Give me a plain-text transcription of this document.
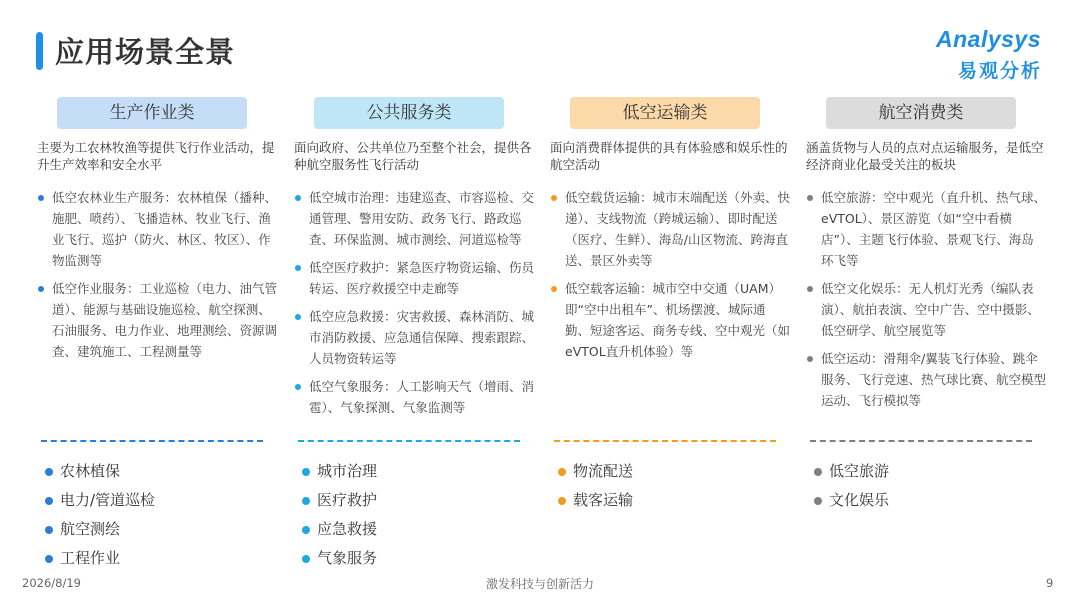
应用场景全景	Analysys
易观分析
生产作业类

主要为工农林牧渔等提供飞行作业活动，提升生产效率和安全水平

低空农林业生产服务：农林植保（播种、施肥、喷药）、飞播造林、牧业飞行、渔业飞行、巡护（防火、林区、牧区）、作物监测等
低空作业服务：工业巡检（电力、油气管道）、能源与基础设施巡检、航空探测、石油服务、电力作业、地理测绘、资源调查、建筑施工、工程测量等
农林植保
电力/管道巡检
航空测绘
工程作业
公共服务类

面向政府、公共单位乃至整个社会，提供各种航空服务性飞行活动

低空城市治理：违建巡查、市容巡检、交通管理、警用安防、政务飞行、路政巡查、环保监测、城市测绘、河道巡检等
低空医疗救护：紧急医疗物资运输、伤员转运、医疗救援空中走廊等
低空应急救援：灾害救援、森林消防、城市消防救援、应急通信保障、搜索跟踪、人员物资转运等
低空气象服务：人工影响天气（增雨、消雹）、气象探测、气象监测等
城市治理
医疗救护
应急救援
气象服务
低空运输类

面向消费群体提供的具有体验感和娱乐性的航空活动

低空载货运输：城市末端配送（外卖、快递）、支线物流（跨城运输）、即时配送（医疗、生鲜）、海岛/山区物流、跨海直送、景区外卖等
低空载客运输：城市空中交通（UAM）即“空中出租车”、机场摆渡、城际通勤、短途客运、商务专线、空中观光（如eVTOL直升机体验）等
物流配送
载客运输
航空消费类

涵盖货物与人员的点对点运输服务，是低空经济商业化最受关注的板块

低空旅游：空中观光（直升机、热气球、eVTOL）、景区游览（如“空中看横店”）、主题飞行体验、景观飞行、海岛环飞等
低空文化娱乐：无人机灯光秀（编队表演）、航拍表演、空中广告、空中摄影、低空研学、航空展览等
低空运动：滑翔伞/翼装飞行体验、跳伞服务、飞行竞速、热气球比赛、航空模型运动、飞行模拟等
低空旅游
文化娱乐
2026/8/19	激发科技与创新活力	9
